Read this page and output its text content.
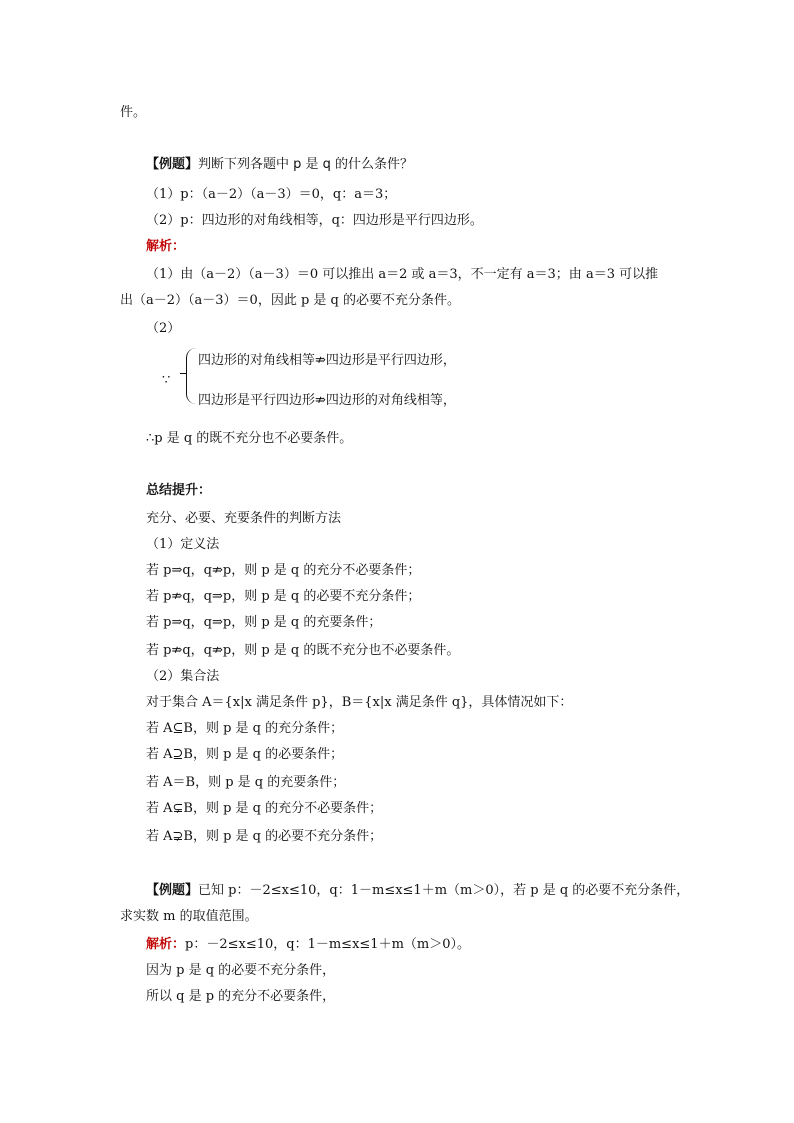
件。
【例题】判断下列各题中 p 是 q 的什么条件？
（1）p：（a－2）（a－3）＝0，q：a＝3；
（2）p：四边形的对角线相等，q：四边形是平行四边形。
解析：
（1）由（a－2）（a－3）＝0 可以推出 a＝2 或 a＝3，不一定有 a＝3；由 a＝3 可以推
出（a－2）（a－3）＝0，因此 p 是 q 的必要不充分条件。
（2）
∵
四边形的对角线相等⇏四边形是平行四边形，
四边形是平行四边形⇏四边形的对角线相等，
∴p 是 q 的既不充分也不必要条件。
总结提升：
充分、必要、充要条件的判断方法
（1）定义法
若 p⇒q，q⇏p，则 p 是 q 的充分不必要条件；
若 p⇏q，q⇒p，则 p 是 q 的必要不充分条件；
若 p⇒q，q⇒p，则 p 是 q 的充要条件；
若 p⇏q，q⇏p，则 p 是 q 的既不充分也不必要条件。
（2）集合法
对于集合 A＝{x|x 满足条件 p}，B＝{x|x 满足条件 q}，具体情况如下：
若 A⊆B，则 p 是 q 的充分条件；
若 A⊇B，则 p 是 q 的必要条件；
若 A＝B，则 p 是 q 的充要条件；
若 A⊊B，则 p 是 q 的充分不必要条件；
若 A⊋B，则 p 是 q 的必要不充分条件；
【例题】已知 p：－2≤x≤10，q：1－m≤x≤1＋m（m＞0），若 p 是 q 的必要不充分条件，
求实数 m 的取值范围。
解析：p：－2≤x≤10，q：1－m≤x≤1＋m（m＞0）。
因为 p 是 q 的必要不充分条件，
所以 q 是 p 的充分不必要条件，
